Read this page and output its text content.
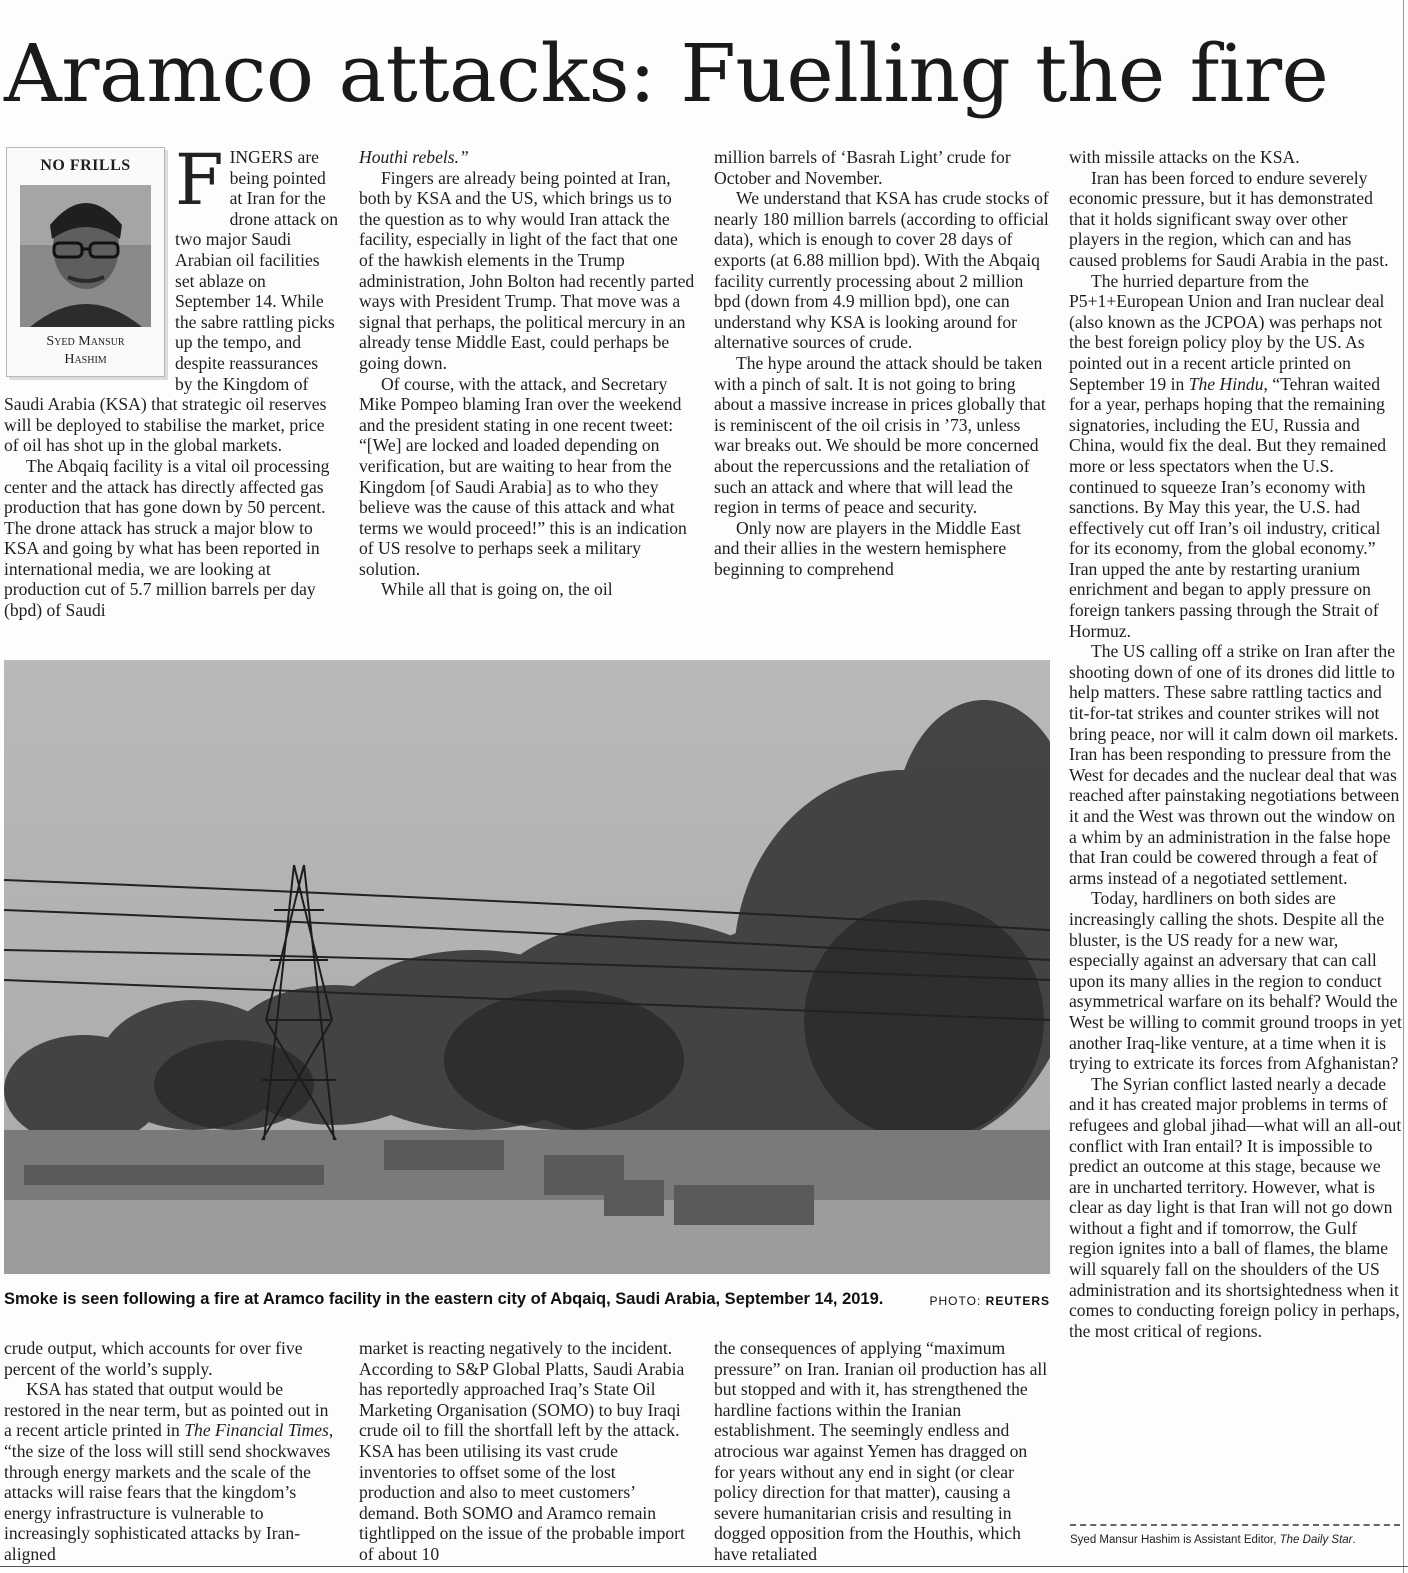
Aramco attacks: Fuelling the fire
NO FRILLS
Syed Mansur
Hashim

FINGERS are being pointed at Iran for the drone attack on two major Saudi Arabian oil facilities set ablaze on September 14. While the sabre rattling picks up the tempo, and despite reassurances by the Kingdom of Saudi Arabia (KSA) that strategic oil reserves will be deployed to stabilise the market, price of oil has shot up in the global markets.

The Abqaiq facility is a vital oil processing center and the attack has directly affected gas production that has gone down by 50 percent. The drone attack has struck a major blow to KSA and going by what has been reported in international media, we are looking at production cut of 5.7 million barrels per day (bpd) of Saudi

Houthi rebels.”

Fingers are already being pointed at Iran, both by KSA and the US, which brings us to the question as to why would Iran attack the facility, especially in light of the fact that one of the hawkish elements in the Trump administration, John Bolton had recently parted ways with President Trump. That move was a signal that perhaps, the political mercury in an already tense Middle East, could perhaps be going down.

Of course, with the attack, and Secretary Mike Pompeo blaming Iran over the weekend and the president stating in one recent tweet: “[We] are locked and loaded depending on verification, but are waiting to hear from the Kingdom [of Saudi Arabia] as to who they believe was the cause of this attack and what terms we would proceed!” this is an indication of US resolve to perhaps seek a military solution.

While all that is going on, the oil

million barrels of ‘Basrah Light’ crude for October and November.

We understand that KSA has crude stocks of nearly 180 million barrels (according to official data), which is enough to cover 28 days of exports (at 6.88 million bpd). With the Abqaiq facility currently processing about 2 million bpd (down from 4.9 million bpd), one can understand why KSA is looking around for alternative sources of crude.

The hype around the attack should be taken with a pinch of salt. It is not going to bring about a massive increase in prices globally that is reminiscent of the oil crisis in ’73, unless war breaks out. We should be more concerned about the repercussions and the retaliation of such an attack and where that will lead the region in terms of peace and security.

Only now are players in the Middle East and their allies in the western hemisphere beginning to comprehend

with missile attacks on the KSA.

Iran has been forced to endure severely economic pressure, but it has demonstrated that it holds significant sway over other players in the region, which can and has caused problems for Saudi Arabia in the past.

The hurried departure from the P5+1+European Union and Iran nuclear deal (also known as the JCPOA) was perhaps not the best foreign policy ploy by the US. As pointed out in a recent article printed on September 19 in The Hindu, “Tehran waited for a year, perhaps hoping that the remaining signatories, including the EU, Russia and China, would fix the deal. But they remained more or less spectators when the U.S. continued to squeeze Iran’s economy with sanctions. By May this year, the U.S. had effectively cut off Iran’s oil industry, critical for its economy, from the global economy.” Iran upped the ante by restarting uranium enrichment and began to apply pressure on foreign tankers passing through the Strait of Hormuz.

The US calling off a strike on Iran after the shooting down of one of its drones did little to help matters. These sabre rattling tactics and tit-for-tat strikes and counter strikes will not bring peace, nor will it calm down oil markets. Iran has been responding to pressure from the West for decades and the nuclear deal that was reached after painstaking negotiations between it and the West was thrown out the window on a whim by an administration in the false hope that Iran could be cowered through a feat of arms instead of a negotiated settlement.

Today, hardliners on both sides are increasingly calling the shots. Despite all the bluster, is the US ready for a new war, especially against an adversary that can call upon its many allies in the region to conduct asymmetrical warfare on its behalf? Would the West be willing to commit ground troops in yet another Iraq-like venture, at a time when it is trying to extricate its forces from Afghanistan?

The Syrian conflict lasted nearly a decade and it has created major problems in terms of refugees and global jihad—what will an all-out conflict with Iran entail? It is impossible to predict an outcome at this stage, because we are in uncharted territory. However, what is clear as day light is that Iran will not go down without a fight and if tomorrow, the Gulf region ignites into a ball of flames, the blame will squarely fall on the shoulders of the US administration and its shortsightedness when it comes to conducting foreign policy in perhaps, the most critical of regions.

Smoke is seen following a fire at Aramco facility in the eastern city of Abqaiq, Saudi Arabia, September 14, 2019.	PHOTO: REUTERS

crude output, which accounts for over five percent of the world’s supply.

KSA has stated that output would be restored in the near term, but as pointed out in a recent article printed in The Financial Times, “the size of the loss will still send shockwaves through energy markets and the scale of the attacks will raise fears that the kingdom’s energy infrastructure is vulnerable to increasingly sophisticated attacks by Iran-aligned

market is reacting negatively to the incident. According to S&P Global Platts, Saudi Arabia has reportedly approached Iraq’s State Oil Marketing Organisation (SOMO) to buy Iraqi crude oil to fill the shortfall left by the attack. KSA has been utilising its vast crude inventories to offset some of the lost production and also to meet customers’ demand. Both SOMO and Aramco remain tightlipped on the issue of the probable import of about 10

the consequences of applying “maximum pressure” on Iran. Iranian oil production has all but stopped and with it, has strengthened the hardline factions within the Iranian establishment. The seemingly endless and atrocious war against Yemen has dragged on for years without any end in sight (or clear policy direction for that matter), causing a severe humanitarian crisis and resulting in dogged opposition from the Houthis, which have retaliated

Syed Mansur Hashim is Assistant Editor, The Daily Star.
